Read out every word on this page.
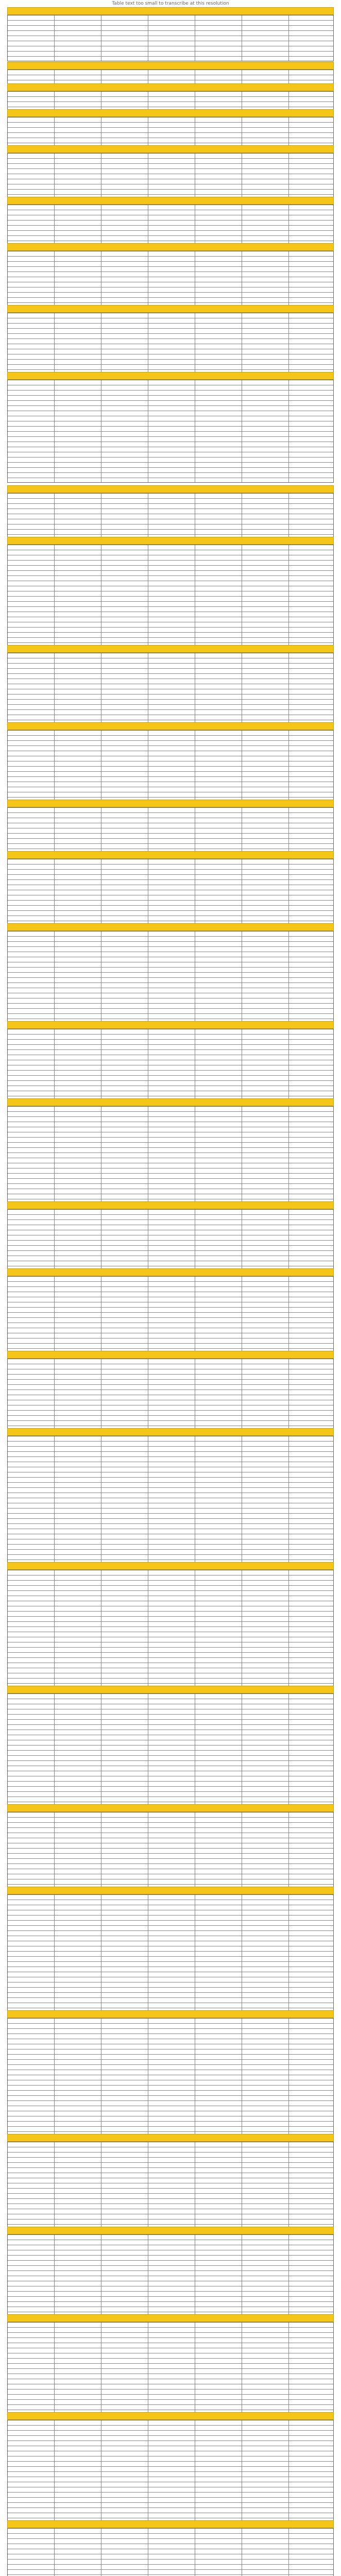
Table text too small to transcribe at this resolution
